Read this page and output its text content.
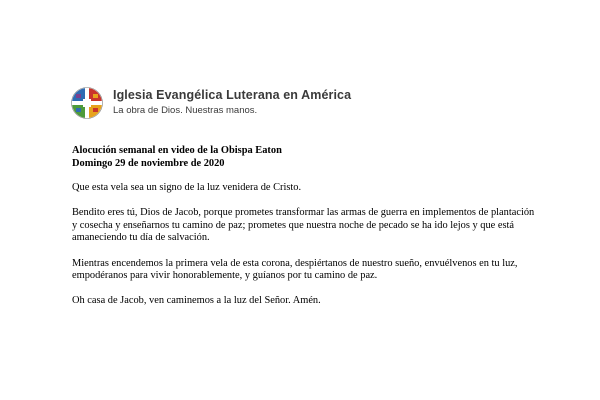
Iglesia Evangélica Luterana en América
La obra de Dios. Nuestras manos.

Alocución semanal en video de la Obispa Eaton

Domingo 29 de noviembre de 2020

Que esta vela sea un signo de la luz venidera de Cristo.

Bendito eres tú, Dios de Jacob, porque prometes transformar las armas de guerra en implementos de plantación y cosecha y enseñarnos tu camino de paz; prometes que nuestra noche de pecado se ha ido lejos y que está amaneciendo tu día de salvación.

Mientras encendemos la primera vela de esta corona, despiértanos de nuestro sueño, envuélvenos en tu luz, empodéranos para vivir honorablemente, y guíanos por tu camino de paz.

Oh casa de Jacob, ven caminemos a la luz del Señor. Amén.
